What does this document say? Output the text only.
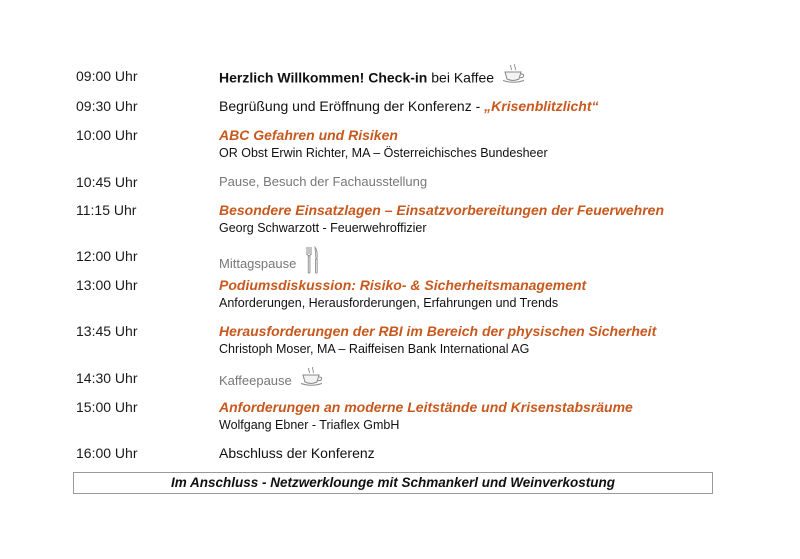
09:00 Uhr	Herzlich Willkommen! Check-in bei Kaffee
09:30 Uhr	Begrüßung und Eröffnung der Konferenz - „Krisenblitzlicht“
10:00 Uhr	ABC Gefahren und Risiken
OR Obst Erwin Richter, MA – Österreichisches Bundesheer
10:45 Uhr	Pause, Besuch der Fachausstellung
11:15 Uhr	Besondere Einsatzlagen – Einsatzvorbereitungen der Feuerwehren
Georg Schwarzott - Feuerwehroffizier
12:00 Uhr	Mittagspause
13:00 Uhr	Podiumsdiskussion: Risiko- & Sicherheitsmanagement
Anforderungen, Herausforderungen, Erfahrungen und Trends
13:45 Uhr	Herausforderungen der RBI im Bereich der physischen Sicherheit
Christoph Moser, MA – Raiffeisen Bank International AG
14:30 Uhr	Kaffeepause
15:00 Uhr	Anforderungen an moderne Leitstände und Krisenstabsräume
Wolfgang Ebner - Triaflex GmbH
16:00 Uhr	Abschluss der Konferenz
Im Anschluss - Netzwerklounge mit Schmankerl und Weinverkostung
